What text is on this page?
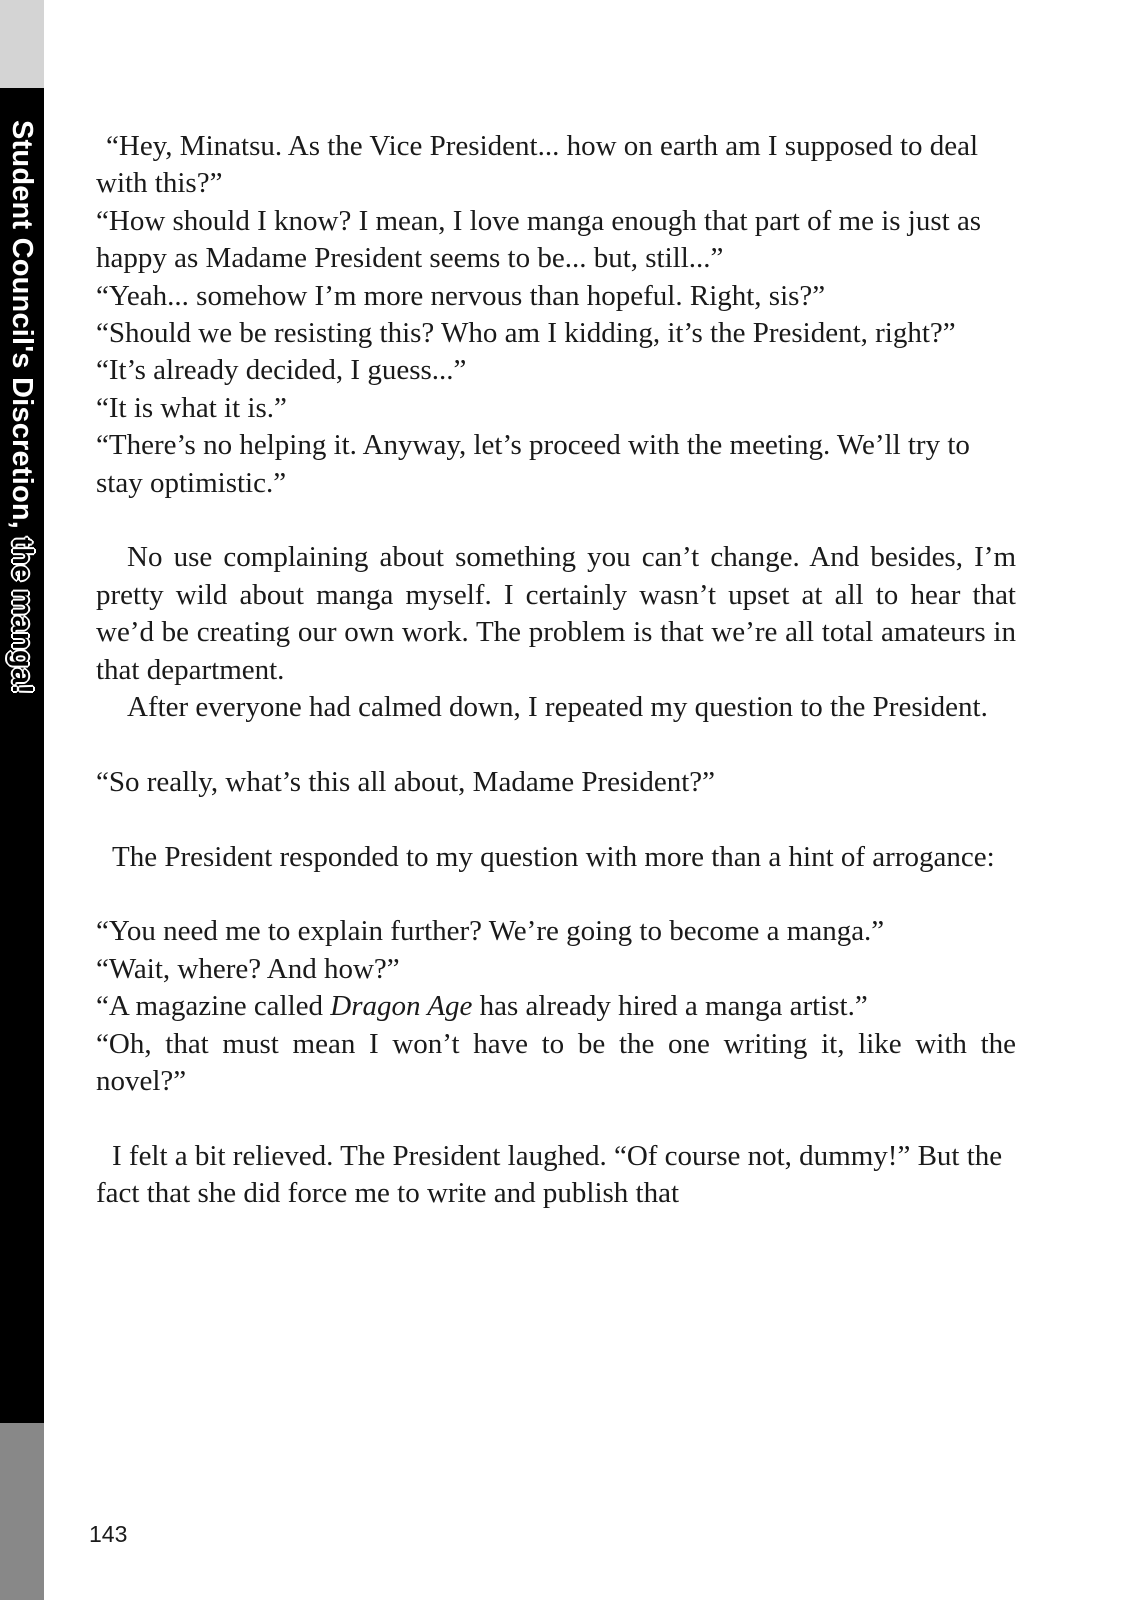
Student Council's Discretion, the manga!

“Hey, Minatsu. As the Vice President... how on earth am I supposed to deal with this?”

“How should I know? I mean, I love manga enough that part of me is just as happy as Madame President seems to be... but, still...”

“Yeah... somehow I’m more nervous than hopeful. Right, sis?”

“Should we be resisting this? Who am I kidding, it’s the President, right?”

“It’s already decided, I guess...”

“It is what it is.”

“There’s no helping it. Anyway, let’s proceed with the meeting. We’ll try to stay optimistic.”

No use complaining about something you can’t change. And besides, I’m pretty wild about manga myself. I certainly wasn’t upset at all to hear that we’d be creating our own work. The problem is that we’re all total amateurs in that department.

After everyone had calmed down, I repeated my question to the President.

“So really, what’s this all about, Madame President?”

The President responded to my question with more than a hint of arrogance:

“You need me to explain further? We’re going to become a manga.”

“Wait, where? And how?”

“A magazine called Dragon Age has already hired a manga artist.”

“Oh, that must mean I won’t have to be the one writing it, like with the novel?”

I felt a bit relieved. The President laughed. “Of course not, dummy!” But the fact that she did force me to write and publish that

143
